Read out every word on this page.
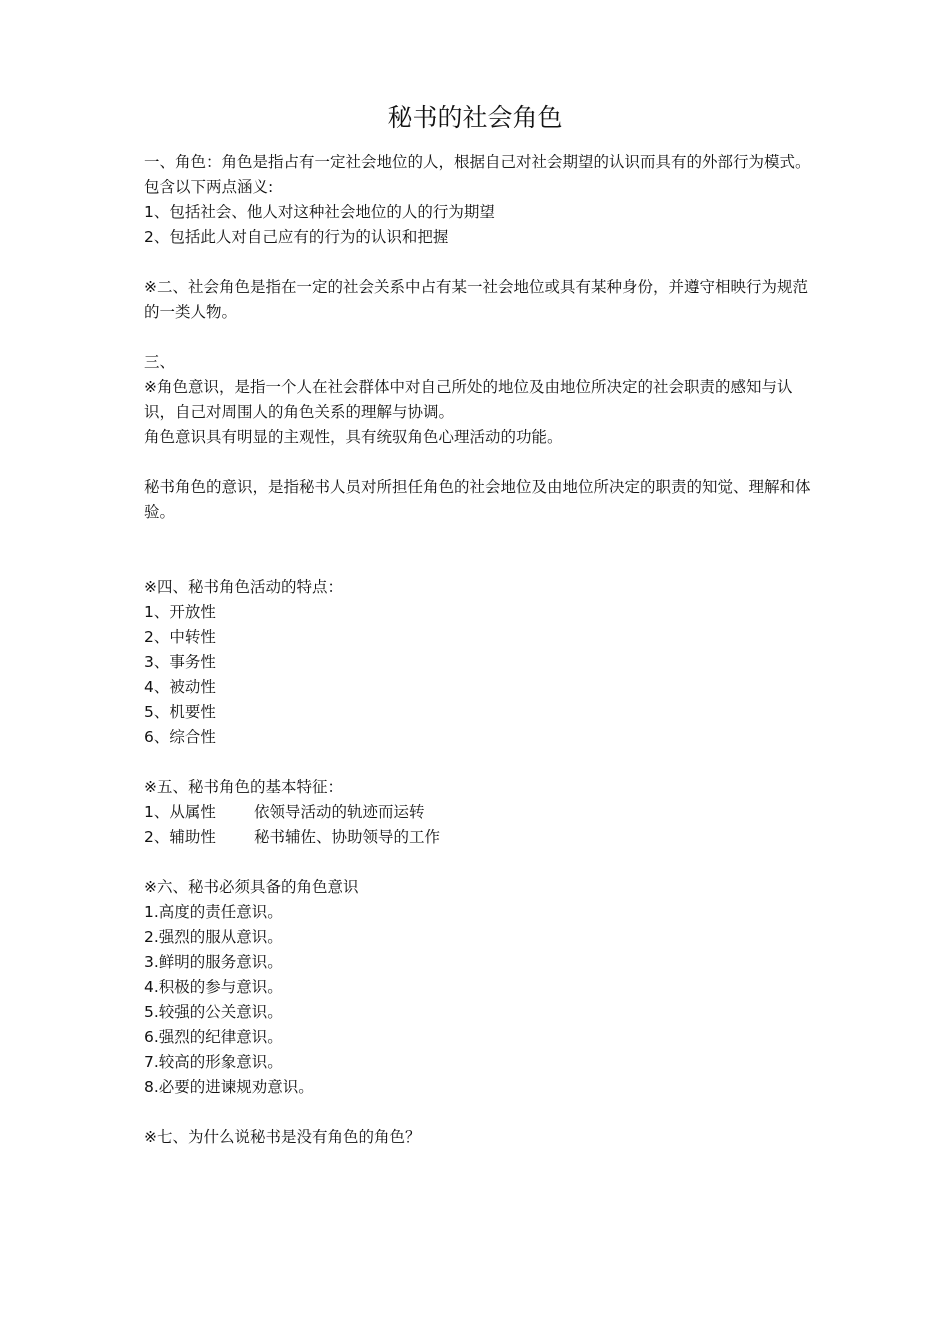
秘书的社会角色
一、角色：角色是指占有一定社会地位的人，根据自己对社会期望的认识而具有的外部行为模式。
包含以下两点涵义:
1、包括社会、他人对这种社会地位的人的行为期望
2、包括此人对自己应有的行为的认识和把握
※二、社会角色是指在一定的社会关系中占有某一社会地位或具有某种身份，并遵守相映行为规范的一类人物。
三、
※角色意识，是指一个人在社会群体中对自己所处的地位及由地位所决定的社会职责的感知与认识，自己对周围人的角色关系的理解与协调。
角色意识具有明显的主观性，具有统驭角色心理活动的功能。
秘书角色的意识，是指秘书人员对所担任角色的社会地位及由地位所决定的职责的知觉、理解和体验。
※四、秘书角色活动的特点：
1、开放性
2、中转性
3、事务性
4、被动性
5、机要性
6、综合性
※五、秘书角色的基本特征：
1、从属性 依领导活动的轨迹而运转
2、辅助性 秘书辅佐、协助领导的工作
※六、秘书必须具备的角色意识
1.高度的责任意识。
2.强烈的服从意识。
3.鲜明的服务意识。
4.积极的参与意识。
5.较强的公关意识。
6.强烈的纪律意识。
7.较高的形象意识。
8.必要的进谏规劝意识。
※七、为什么说秘书是没有角色的角色？
